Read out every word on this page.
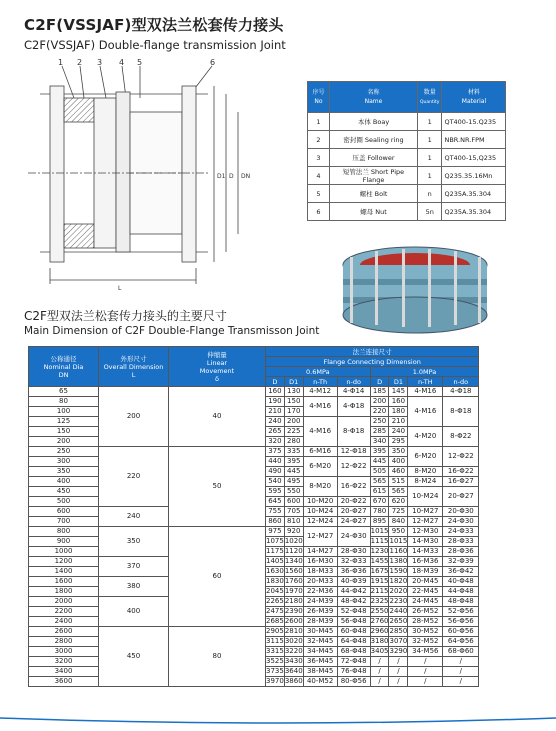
C2F(VSSJAF)型双法兰松套传力接头
C2F(VSSJAF) Double-flange transmission Joint
1 2 3 4 5	6
D1 D DN
L
序号
No	名称
Name	数量
Quantity	材料
Material
1	本体 Boay	1	QT400-15.Q235
2	密封圈 Sealing ring	1	NBR.NR.FPM
3	压盖 Follower	1	QT400-15,Q235
4	短管法兰 Short Pipe Flange	1	Q235.35.16Mn
5	螺柱 Bolt	n	Q235A.35.304
6	螺母 Nut	5n	Q235A.35.304
C2F型双法兰松套传力接头的主要尺寸
Main Dimension of C2F Double-Flange Transmisson Joint
公称通径
Nominal Dia
DN	外形尺寸
Overall Dimension
L	伸缩量
Linear
Movement
δ	法兰连接尺寸							
			Flange Connecting Dimension							
			0.6MPa				1.0MPa			
			D	D1	n-Th	n-do	D	D1	n-TH	n-do
65	200	40	160	130	4-M12	4-Φ14	185	145	4-M16	4-Φ18
80			190	150	4-M16	4-Φ18	200	160	4-M16	8-Φ18
100			210	170			220	180		
125			240	200	4-M16	8-Φ18	250	210		
150			265	225			285	240	4-M20	8-Φ22
200			320	280			340	295		
250	220	50	375	335	6-M16	12-Φ18	395	350	6-M20	12-Φ22
300			440	395	6-M20	12-Φ22	445	400		
350			490	445			505	460	8-M20	16-Φ22
400			540	495	8-M20	16-Φ22	565	515	8-M24	16-Φ27
450			595	550			615	565	10-M24	20-Φ27
500			645	600	10-M20	20-Φ22	670	620		
600	240		755	705	10-M24	20-Φ27	780	725	10-M27	20-Φ30
700			860	810	12-M24	24-Φ27	895	840	12-M27	24-Φ30
800	350	60	975	920	12-M27	24-Φ30	1015	950	12-M30	24-Φ33
900			1075	1020			1115	1015	14-M30	28-Φ33
1000			1175	1120	14-M27	28-Φ30	1230	1160	14-M33	28-Φ36
1200	370		1405	1340	16-M30	32-Φ33	1455	1380	16-M36	32-Φ39
1400			1630	1560	18-M33	36-Φ36	1675	1590	18-M39	36-Φ42
1600	380		1830	1760	20-M33	40-Φ39	1915	1820	20-M45	40-Φ48
1800			2045	1970	22-M36	44-Φ42	2115	2020	22-M45	44-Φ48
2000	400		2265	2180	24-M39	48-Φ42	2325	2230	24-M45	48-Φ48
2200			2475	2390	26-M39	52-Φ48	2550	2440	26-M52	52-Φ56
2400			2685	2600	28-M39	56-Φ48	2760	2650	28-M52	56-Φ56
2600	450	80	2905	2810	30-M45	60-Φ48	2960	2850	30-M52	60-Φ56
2800			3115	3020	32-M45	64-Φ48	3180	3070	32-M52	64-Φ56
3000			3315	3220	34-M45	68-Φ48	3405	3290	34-M56	68-Φ60
3200			3525	3430	36-M45	72-Φ48	/	/	/	/
3400			3735	3640	38-M45	76-Φ48	/	/	/	/
3600			3970	3860	40-M52	80-Φ56	/	/	/	/
